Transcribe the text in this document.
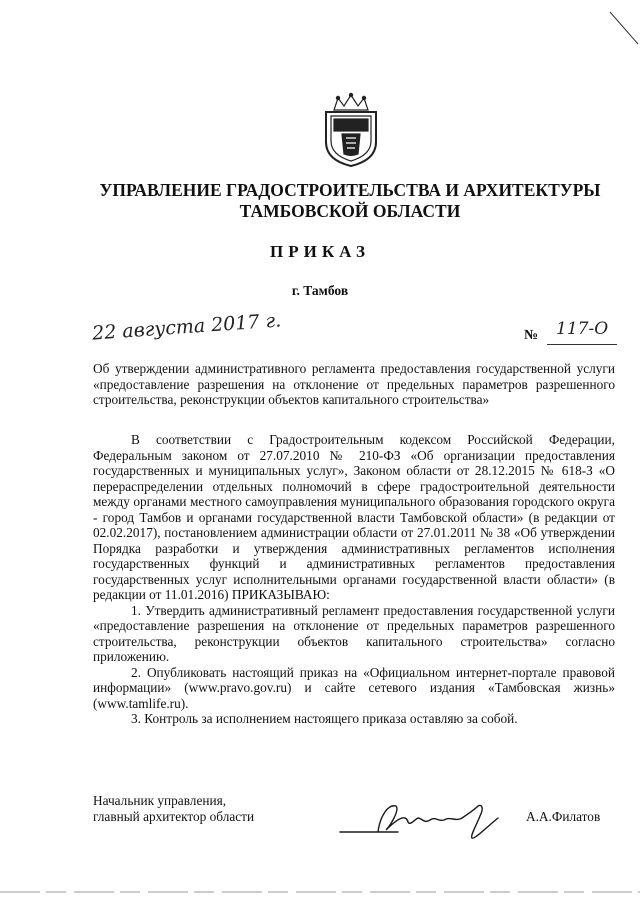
УПРАВЛЕНИЕ ГРАДОСТРОИТЕЛЬСТВА И АРХИТЕКТУРЫ
ТАМБОВСКОЙ ОБЛАСТИ
ПРИКАЗ
г. Тамбов
22 августа 2017 г.	№ 117-О
Об утверждении административного регламента предоставления государственной услуги «предоставление разрешения на отклонение от предельных параметров разрешенного строительства, реконструкции объектов капитального строительства»

В соответствии с Градостроительным кодексом Российской Федерации, Федеральным законом от 27.07.2010 № 210-ФЗ «Об организации предоставления государственных и муниципальных услуг», Законом области от 28.12.2015 № 618-З «О перераспределении отдельных полномочий в сфере градостроительной деятельности между органами местного самоуправления муниципального образования городского округа - город Тамбов и органами государственной власти Тамбовской области» (в редакции от 02.02.2017), постановлением администрации области от 27.01.2011 № 38 «Об утверждении Порядка разработки и утверждения административных регламентов исполнения государственных функций и административных регламентов предоставления государственных услуг исполнительными органами государственной власти области» (в редакции от 11.01.2016) ПРИКАЗЫВАЮ:

1. Утвердить административный регламент предоставления государственной услуги «предоставление разрешения на отклонение от предельных параметров разрешенного строительства, реконструкции объектов капитального строительства» согласно приложению.

2. Опубликовать настоящий приказ на «Официальном интернет-портале правовой информации» (www.pravo.gov.ru) и сайте сетевого издания «Тамбовская жизнь» (www.tamlife.ru).

3. Контроль за исполнением настоящего приказа оставляю за собой.

Начальник управления,
главный архитектор области	А.А.Филатов
